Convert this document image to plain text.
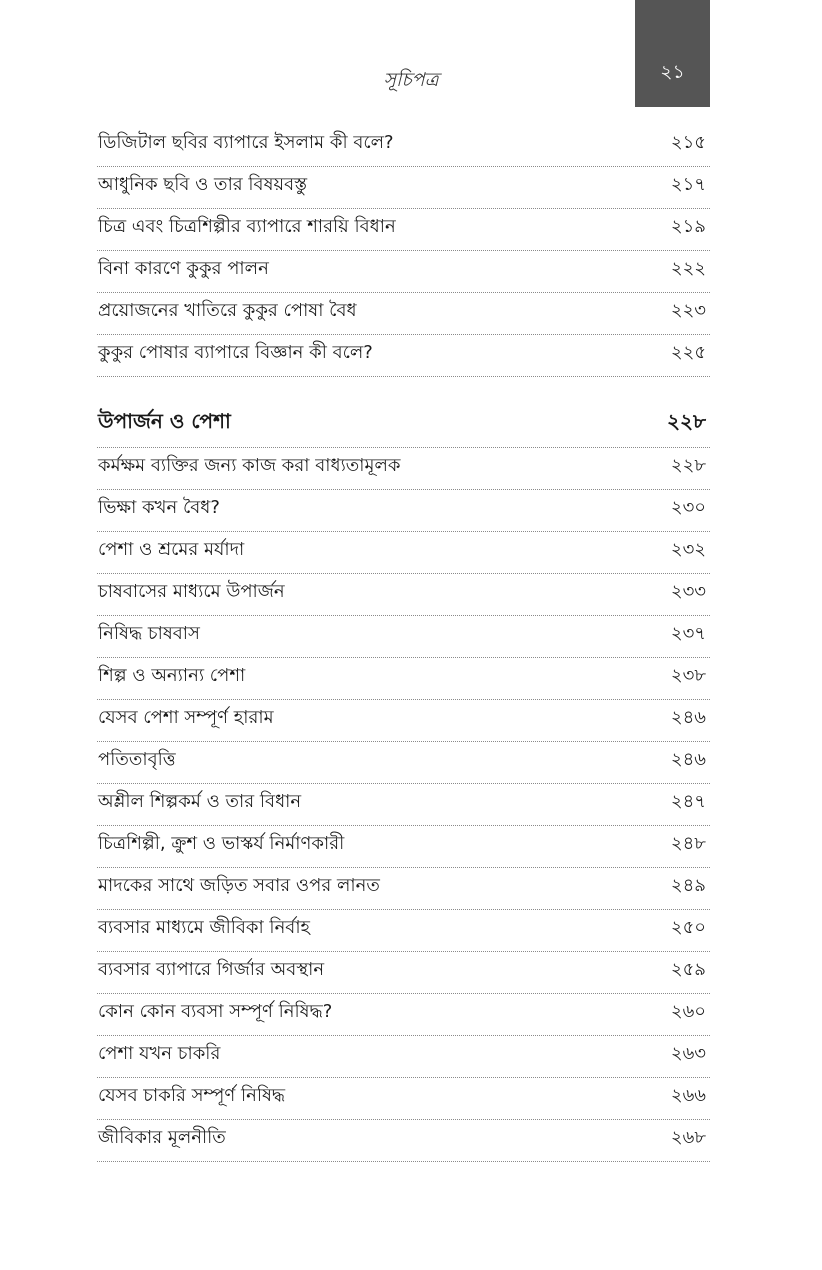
২১
সূচিপত্র
ডিজিটাল ছবির ব্যাপারে ইসলাম কী বলে?	২১৫
আধুনিক ছবি ও তার বিষয়বস্তু	২১৭
চিত্র এবং চিত্রশিল্পীর ব্যাপারে শারয়ি বিধান	২১৯
বিনা কারণে কুকুর পালন	২২২
প্রয়োজনের খাতিরে কুকুর পোষা বৈধ	২২৩
কুকুর পোষার ব্যাপারে বিজ্ঞান কী বলে?	২২৫
উপার্জন ও পেশা	২২৮
কর্মক্ষম ব্যক্তির জন্য কাজ করা বাধ্যতামূলক	২২৮
ভিক্ষা কখন বৈধ?	২৩০
পেশা ও শ্রমের মর্যাদা	২৩২
চাষবাসের মাধ্যমে উপার্জন	২৩৩
নিষিদ্ধ চাষবাস	২৩৭
শিল্প ও অন্যান্য পেশা	২৩৮
যেসব পেশা সম্পূর্ণ হারাম	২৪৬
পতিতাবৃত্তি	২৪৬
অশ্লীল শিল্পকর্ম ও তার বিধান	২৪৭
চিত্রশিল্পী, ক্রুশ ও ভাস্কর্য নির্মাণকারী	২৪৮
মাদকের সাথে জড়িত সবার ওপর লানত	২৪৯
ব্যবসার মাধ্যমে জীবিকা নির্বাহ	২৫০
ব্যবসার ব্যাপারে গির্জার অবস্থান	২৫৯
কোন কোন ব্যবসা সম্পূর্ণ নিষিদ্ধ?	২৬০
পেশা যখন চাকরি	২৬৩
যেসব চাকরি সম্পূর্ণ নিষিদ্ধ	২৬৬
জীবিকার মূলনীতি	২৬৮
